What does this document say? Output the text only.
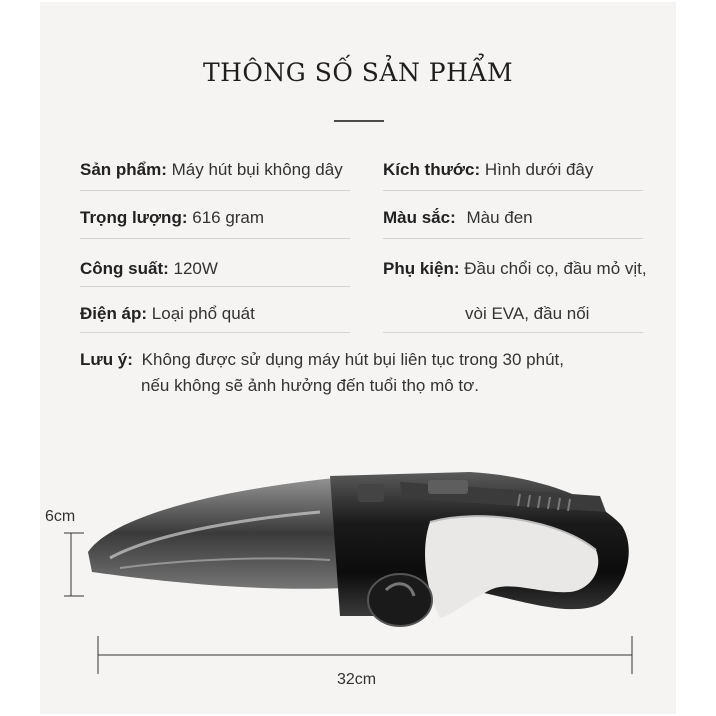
THÔNG SỐ SẢN PHẨM
Sản phẩm: Máy hút bụi không dây
Trọng lượng: 616 gram
Công suất: 120W
Điện áp: Loại phổ quát
Kích thước: Hình dưới đây
Màu sắc: Màu đen
Phụ kiện: Đầu chổi cọ, đầu mỏ vịt,
vòi EVA, đầu nối
Lưu ý: Không được sử dụng máy hút bụi liên tục trong 30 phút,
nếu không sẽ ảnh hưởng đến tuổi thọ mô tơ.
6cm
32cm
